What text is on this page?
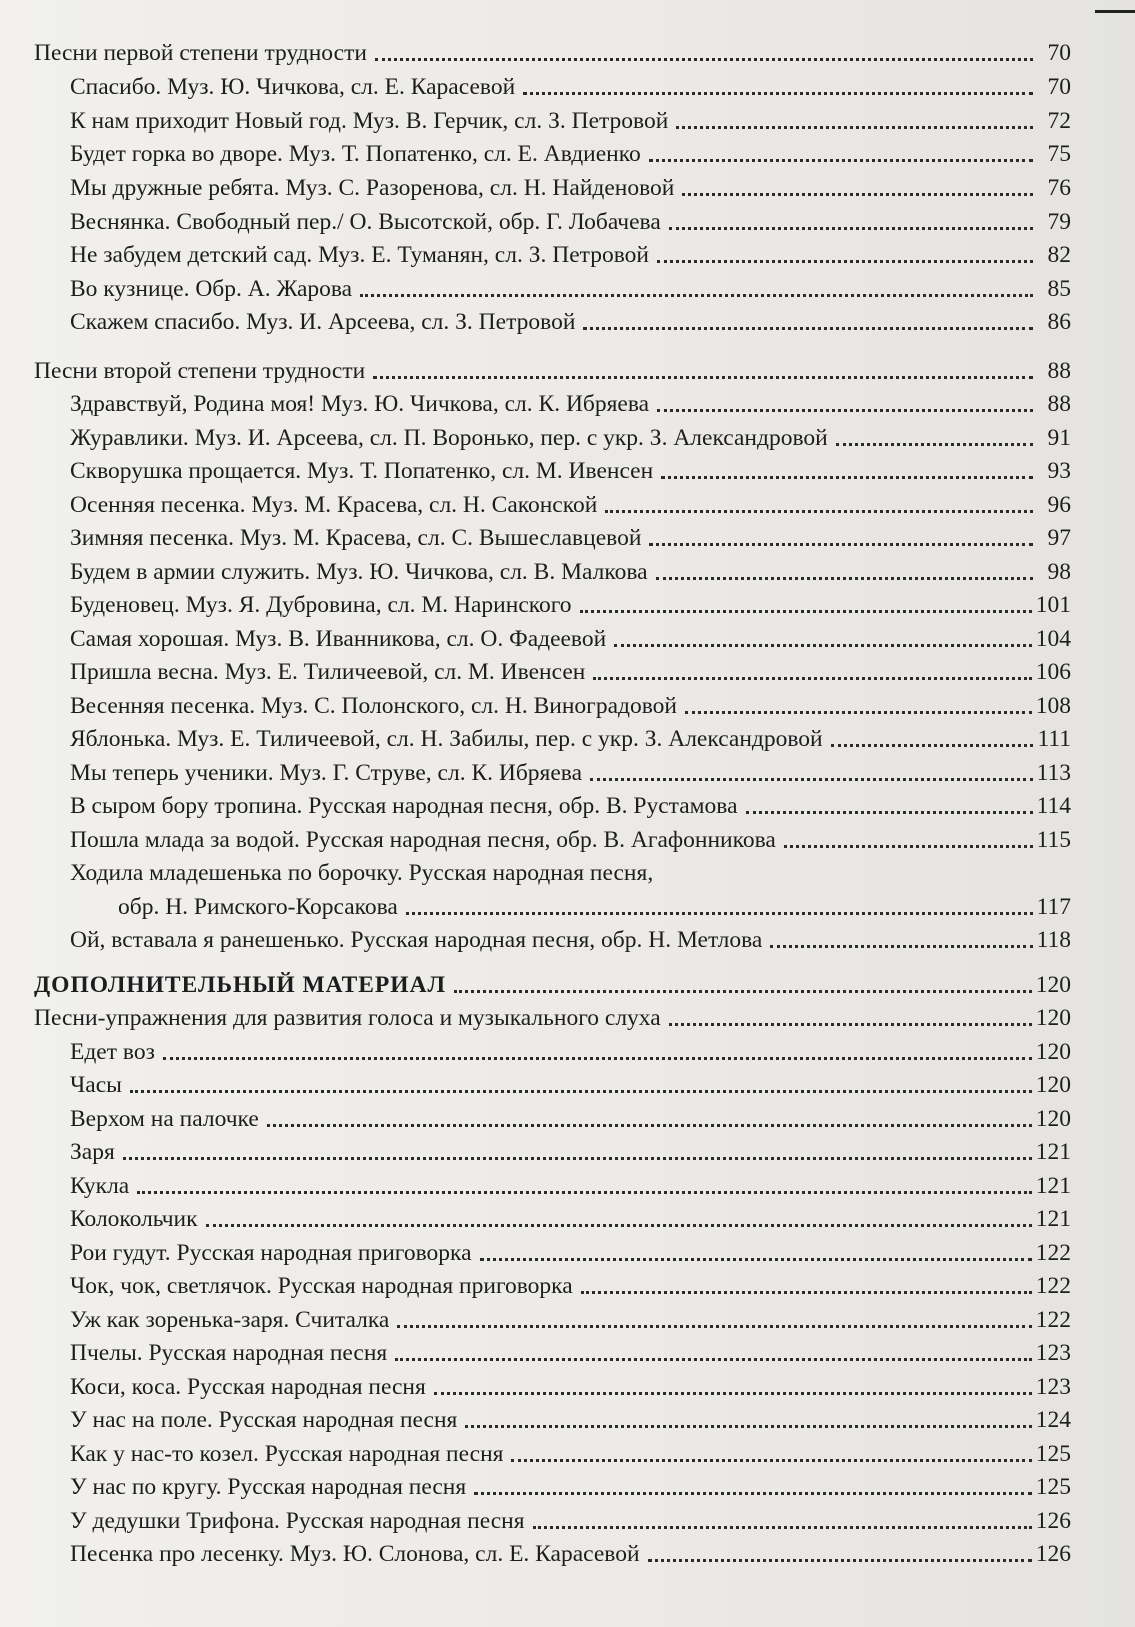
Песни первой степени трудности	70
Спасибо. Муз. Ю. Чичкова, сл. Е. Карасевой	70
К нам приходит Новый год. Муз. В. Герчик, сл. З. Петровой	72
Будет горка во дворе. Муз. Т. Попатенко, сл. Е. Авдиенко	75
Мы дружные ребята. Муз. С. Разоренова, сл. Н. Найденовой	76
Веснянка. Свободный пер./ О. Высотской, обр. Г. Лобачева	79
Не забудем детский сад. Муз. Е. Туманян, сл. З. Петровой	82
Во кузнице. Обр. А. Жарова	85
Скажем спасибо. Муз. И. Арсеева, сл. З. Петровой	86
Песни второй степени трудности	88
Здравствуй, Родина моя! Муз. Ю. Чичкова, сл. К. Ибряева	88
Журавлики. Муз. И. Арсеева, сл. П. Воронько, пер. с укр. З. Александровой	91
Скворушка прощается. Муз. Т. Попатенко, сл. М. Ивенсен	93
Осенняя песенка. Муз. М. Красева, сл. Н. Саконской	96
Зимняя песенка. Муз. М. Красева, сл. С. Вышеславцевой	97
Будем в армии служить. Муз. Ю. Чичкова, сл. В. Малкова	98
Буденовец. Муз. Я. Дубровина, сл. М. Наринского	101
Самая хорошая. Муз. В. Иванникова, сл. О. Фадеевой	104
Пришла весна. Муз. Е. Тиличеевой, сл. М. Ивенсен	106
Весенняя песенка. Муз. С. Полонского, сл. Н. Виноградовой	108
Яблонька. Муз. Е. Тиличеевой, сл. Н. Забилы, пер. с укр. З. Александровой	111
Мы теперь ученики. Муз. Г. Струве, сл. К. Ибряева	113
В сыром бору тропина. Русская народная песня, обр. В. Рустамова	114
Пошла млада за водой. Русская народная песня, обр. В. Агафонникова	115
Ходила младешенька по борочку. Русская народная песня,
обр. Н. Римского-Корсакова	117
Ой, вставала я ранешенько. Русская народная песня, обр. Н. Метлова	118
ДОПОЛНИТЕЛЬНЫЙ МАТЕРИАЛ	120
Песни-упражнения для развития голоса и музыкального слуха	120
Едет воз	120
Часы	120
Верхом на палочке	120
Заря	121
Кукла	121
Колокольчик	121
Рои гудут. Русская народная приговорка	122
Чок, чок, светлячок. Русская народная приговорка	122
Уж как зоренька-заря. Считалка	122
Пчелы. Русская народная песня	123
Коси, коса. Русская народная песня	123
У нас на поле. Русская народная песня	124
Как у нас-то козел. Русская народная песня	125
У нас по кругу. Русская народная песня	125
У дедушки Трифона. Русская народная песня	126
Песенка про лесенку. Муз. Ю. Слонова, сл. Е. Карасевой	126
